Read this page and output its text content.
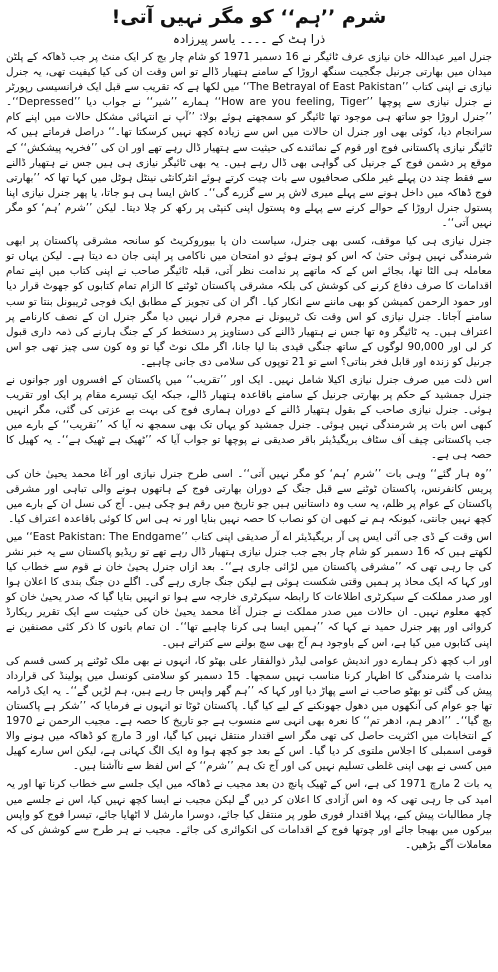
شرم ’’ہم‘‘ کو مگر نہیں آتی!
ذرا ہٹ کے۔۔۔۔یاسر پیرزادہ

جنرل امیر عبداللہ خان نیازی عرف ٹائیگر نے 16 دسمبر 1971 کو شام چار بج کر ایک منٹ پر جب ڈھاکہ کے پلٹن میدان میں بھارتی جرنیل جگجیت سنگھ اروڑا کے سامنے ہتھیار ڈالے تو اس وقت ان کی کیا کیفیت تھی، یہ جنرل نیازی نے اپنی کتاب ’’The Betrayal of East Pakistan‘‘ میں لکھا ہے کہ تقریب سے قبل ایک فرانسیسی رپورٹر نے جنرل نیازی سے پوچھا ’’How are you feeling, Tiger‘‘ ہمارے ’’شیر‘‘ نے جواب دیا ’’Depressed‘‘۔ ’’جنرل اروڑا جو ساتھ ہی موجود تھا ٹائیگر کو سمجھتے ہوئے بولا: ’’آپ نے انتہائی مشکل حالات میں اپنے کام سرانجام دیا، کوئی بھی اور جنرل ان حالات میں اس سے زیادہ کچھ نہیں کرسکتا تھا۔‘‘ دراصل فرماتے ہیں کہ ٹائیگر نیازی پاکستانی فوج اور قوم کے نمائندے کی حیثیت سے ہتھیار ڈال رہے تھے اور ان کی ’’فخریہ پیشکش‘‘ کے موقع پر دشمن فوج کے جرنیل کی گواہی بھی ڈال رہے ہیں۔ یہ بھی ٹائیگر نیازی ہی ہیں جس نے ہتھیار ڈالنے سے فقط چند دن پہلے غیر ملکی صحافیوں سے بات چیت کرتے ہوئے انٹرکانٹی نینٹل ہوٹل میں کہا تھا کہ ’’بھارتی فوج ڈھاکہ میں داخل ہونے سے پہلے میری لاش پر سے گزرے گی‘‘۔ کاش ایسا ہی ہو جاتا، یا پھر جنرل نیازی اپنا پستول جنرل اروڑا کے حوالے کرنے سے پہلے وہ پستول اپنی کنپٹی پر رکھ کر چلا دیتا۔ لیکن ’’شرم ’ہم‘ کو مگر نہیں آتی‘‘۔

جنرل نیازی ہی کیا موقف، کسی بھی جنرل، سیاست دان یا بیوروکریٹ کو سانحہ مشرقی پاکستان پر ابھی شرمندگی نہیں ہوئی حتیٰ کہ اس کو ہوتے ہوئے دو امتحان میں ناکامی پر اپنی جان دے دیتا ہے۔ لیکن یہاں تو معاملہ ہی الٹا تھا، بجائے اس کے کہ ماتھے پر ندامت نظر آتی، قبلہ ٹائیگر صاحب نے اپنی کتاب میں اپنے تمام اقدامات کا صرف دفاع کرنے کی کوشش کی بلکہ مشرقی پاکستان ٹوٹنے کا الزام تمام کتابوں کو جھوٹ قرار دیا اور حمود الرحمن کمیشن کو بھی ماننے سے انکار کیا۔ اگر ان کی تجویز کے مطابق ایک فوجی ٹریبونل بنتا تو سب سامنے آجاتا۔ جنرل نیازی کو اس وقت تک ٹریبونل نے مجرم قرار نہیں دیا مگر جنرل ان کے نصف کارنامے پر اعتراف ہیں۔ یہ ٹائیگر وہ تھا جس نے ہتھیار ڈالنے کی دستاویز پر دستخط کر کے جنگ ہارنے کی ذمہ داری قبول کر لی اور 90,000 لوگوں کے ساتھ جنگی قیدی بنا لیا جانا، اگر ملک نوٹ گیا تو وہ کون سی چیز تھی جو اس جرنیل کو زندہ اور قابل فخر بناتی؟ اسے تو 21 توپوں کی سلامی دی جانی چاہیے۔

اس ذلت میں صرف جنرل نیازی اکیلا شامل نہیں۔ ایک اور ’’تقریب‘‘ میں پاکستان کے افسروں اور جوانوں نے جنرل جمشید کے حکم پر بھارتی جرنیل کے سامنے باقاعدہ ہتھیار ڈالے، جبکہ ایک تیسرے مقام پر ایک اور تقریب ہوئی۔ جنرل نیازی صاحب کے بقول ہتھیار ڈالنے کے دوران ہماری فوج کی بہت بے عزتی کی گئی، مگر انہیں کبھی اس بات پر شرمندگی نہیں ہوئی۔ جنرل جمشید کو یہاں تک بھی سمجھ نہ آیا کہ ’’تقریب‘‘ کے بارے میں جب پاکستانی چیف آف سٹاف بریگیڈیئر باقر صدیقی نے پوچھا تو جواب آیا کہ ’’ٹھیک ہے ٹھیک ہے‘‘۔ یہ کھیل کا حصہ ہی ہے۔

’’وہ ہار گئے‘‘ وہی بات ’’شرم ’ہم‘ کو مگر نہیں آتی‘‘۔ اسی طرح جنرل نیازی اور آغا محمد یحییٰ خان کی پریس کانفرنس، پاکستان ٹوٹنے سے قبل جنگ کے دوران بھارتی فوج کے ہاتھوں ہونے والی تباہی اور مشرقی پاکستان کے عوام پر ظلم، یہ سب وہ داستانیں ہیں جو تاریخ میں رقم ہو چکی ہیں۔ آج کی نسل ان کے بارے میں کچھ نہیں جانتی، کیونکہ ہم نے کبھی ان کو نصاب کا حصہ نہیں بنایا اور نہ ہی اس کا کوئی باقاعدہ اعتراف کیا۔

اس وقت کے ڈی جی آئی ایس پی آر بریگیڈیئر اے آر صدیقی اپنی کتاب ’’East Pakistan: The Endgame‘‘ میں لکھتے ہیں کہ 16 دسمبر کو شام چار بجے جب جنرل نیازی ہتھیار ڈال رہے تھے تو ریڈیو پاکستان سے یہ خبر نشر کی جا رہی تھی کہ ’’مشرقی پاکستان میں لڑائی جاری ہے‘‘۔ بعد ازاں جنرل یحییٰ خان نے قوم سے خطاب کیا اور کہا کہ ایک محاذ پر ہمیں وقتی شکست ہوئی ہے لیکن جنگ جاری رہے گی۔ اگلے دن جنگ بندی کا اعلان ہوا اور صدر مملکت کے سیکرٹری اطلاعات کا رابطہ سیکرٹری خارجہ سے ہوا تو انہیں بتایا گیا کہ صدر یحییٰ خان کو کچھ معلوم نہیں۔ ان حالات میں صدر مملکت نے جنرل آغا محمد یحییٰ خان کی حیثیت سے ایک تقریر ریکارڈ کروائی اور پھر جنرل حمید نے کہا کہ ’’ہمیں ایسا ہی کرنا چاہیے تھا‘‘۔ ان تمام باتوں کا ذکر کئی مصنفین نے اپنی کتابوں میں کیا ہے، اس کے باوجود ہم آج بھی سچ بولنے سے کتراتے ہیں۔

اور اب کچھ ذکر ہمارے دور اندیش عوامی لیڈر ذوالفقار علی بھٹو کا، انہوں نے بھی ملک ٹوٹنے پر کسی قسم کی ندامت یا شرمندگی کا اظہار کرنا مناسب نہیں سمجھا۔ 15 دسمبر کو سلامتی کونسل میں پولینڈ کی قرارداد پیش کی گئی تو بھٹو صاحب نے اسے پھاڑ دیا اور کہا کہ ’’ہم گھر واپس جا رہے ہیں، ہم لڑیں گے‘‘۔ یہ ایک ڈرامہ تھا جو عوام کی آنکھوں میں دھول جھونکنے کے لیے کیا گیا۔ پاکستان ٹوٹا تو انہوں نے فرمایا کہ ’’شکر ہے پاکستان بچ گیا‘‘۔ ’’ادھر ہم، ادھر تم‘‘ کا نعرہ بھی انہی سے منسوب ہے جو تاریخ کا حصہ ہے۔ مجیب الرحمن نے 1970 کے انتخابات میں اکثریت حاصل کی تھی مگر اسے اقتدار منتقل نہیں کیا گیا، اور 3 مارچ کو ڈھاکہ میں ہونے والا قومی اسمبلی کا اجلاس ملتوی کر دیا گیا۔ اس کے بعد جو کچھ ہوا وہ ایک الگ کہانی ہے، لیکن اس سارے کھیل میں کسی نے بھی اپنی غلطی تسلیم نہیں کی اور آج تک ہم ’’شرم‘‘ کے اس لفظ سے ناآشنا ہیں۔

یہ بات 2 مارچ 1971 کی ہے، اس کے ٹھیک پانچ دن بعد مجیب نے ڈھاکہ میں ایک جلسے سے خطاب کرنا تھا اور یہ امید کی جا رہی تھی کہ وہ اس آزادی کا اعلان کر دیں گے لیکن مجیب نے ایسا کچھ نہیں کیا، اس نے جلسے میں چار مطالبات پیش کیے، پہلا اقتدار فوری طور پر منتقل کیا جائے، دوسرا مارشل لا اٹھایا جائے، تیسرا فوج کو واپس بیرکوں میں بھیجا جائے اور چوتھا فوج کے اقدامات کی انکوائری کی جائے۔ مجیب نے ہر طرح سے کوشش کی کہ معاملات آگے بڑھیں۔
